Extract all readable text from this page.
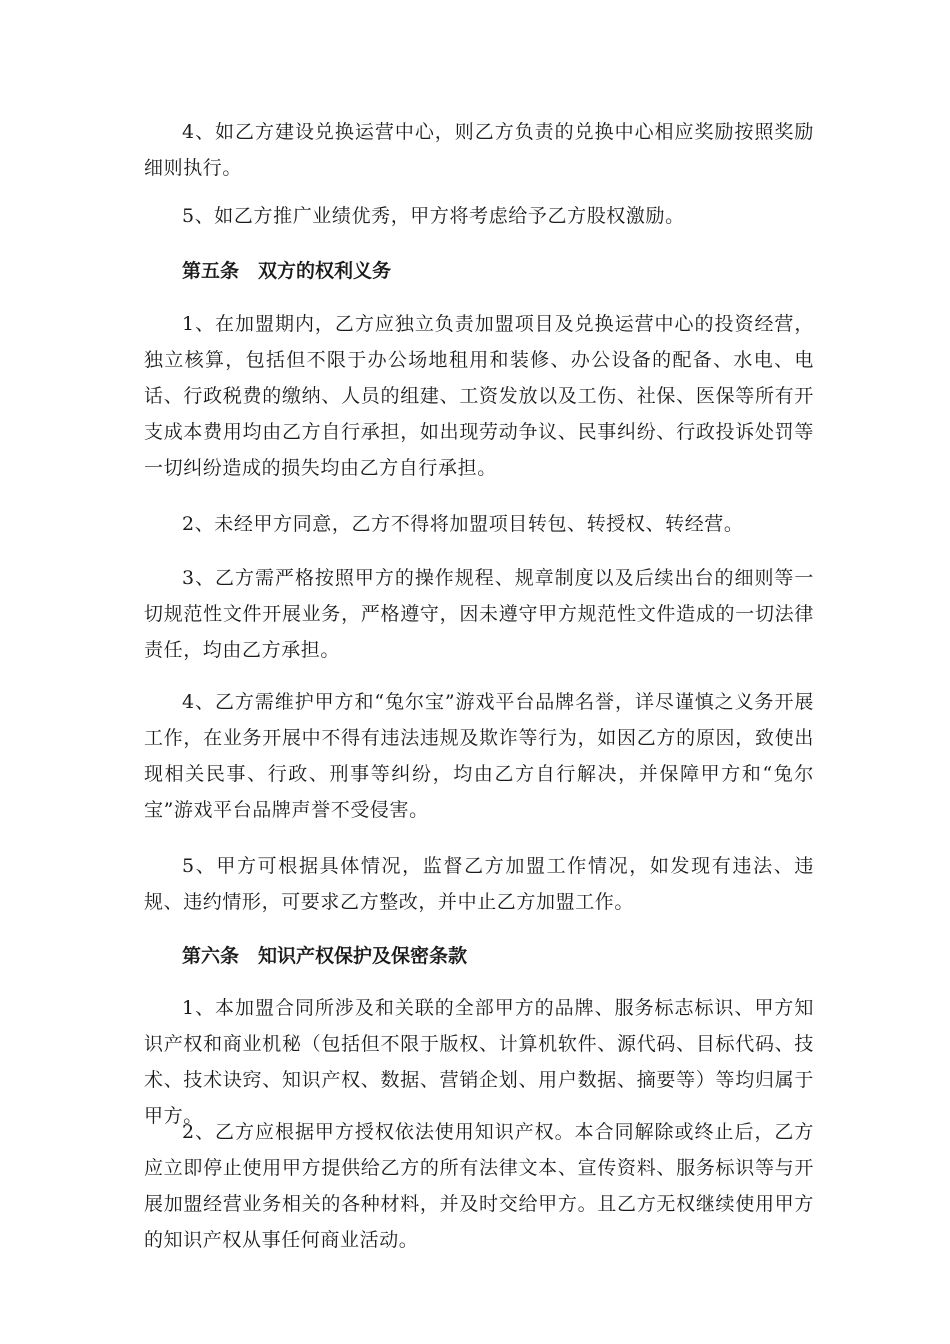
4、如乙方建设兑换运营中心，则乙方负责的兑换中心相应奖励按照奖励细则执行。

5、如乙方推广业绩优秀，甲方将考虑给予乙方股权激励。

第五条　双方的权利义务

1、在加盟期内，乙方应独立负责加盟项目及兑换运营中心的投资经营，独立核算，包括但不限于办公场地租用和装修、办公设备的配备、水电、电话、行政税费的缴纳、人员的组建、工资发放以及工伤、社保、医保等所有开支成本费用均由乙方自行承担，如出现劳动争议、民事纠纷、行政投诉处罚等一切纠纷造成的损失均由乙方自行承担。

2、未经甲方同意，乙方不得将加盟项目转包、转授权、转经营。

3、乙方需严格按照甲方的操作规程、规章制度以及后续出台的细则等一切规范性文件开展业务，严格遵守，因未遵守甲方规范性文件造成的一切法律责任，均由乙方承担。

4、乙方需维护甲方和“兔尔宝”游戏平台品牌名誉，详尽谨慎之义务开展工作，在业务开展中不得有违法违规及欺诈等行为，如因乙方的原因，致使出现相关民事、行政、刑事等纠纷，均由乙方自行解决，并保障甲方和“兔尔宝”游戏平台品牌声誉不受侵害。

5、甲方可根据具体情况，监督乙方加盟工作情况，如发现有违法、违规、违约情形，可要求乙方整改，并中止乙方加盟工作。

第六条　知识产权保护及保密条款

1、本加盟合同所涉及和关联的全部甲方的品牌、服务标志标识、甲方知识产权和商业机秘（包括但不限于版权、计算机软件、源代码、目标代码、技术、技术诀窍、知识产权、数据、营销企划、用户数据、摘要等）等均归属于甲方。

2、乙方应根据甲方授权依法使用知识产权。本合同解除或终止后，乙方应立即停止使用甲方提供给乙方的所有法律文本、宣传资料、服务标识等与开展加盟经营业务相关的各种材料，并及时交给甲方。且乙方无权继续使用甲方的知识产权从事任何商业活动。
